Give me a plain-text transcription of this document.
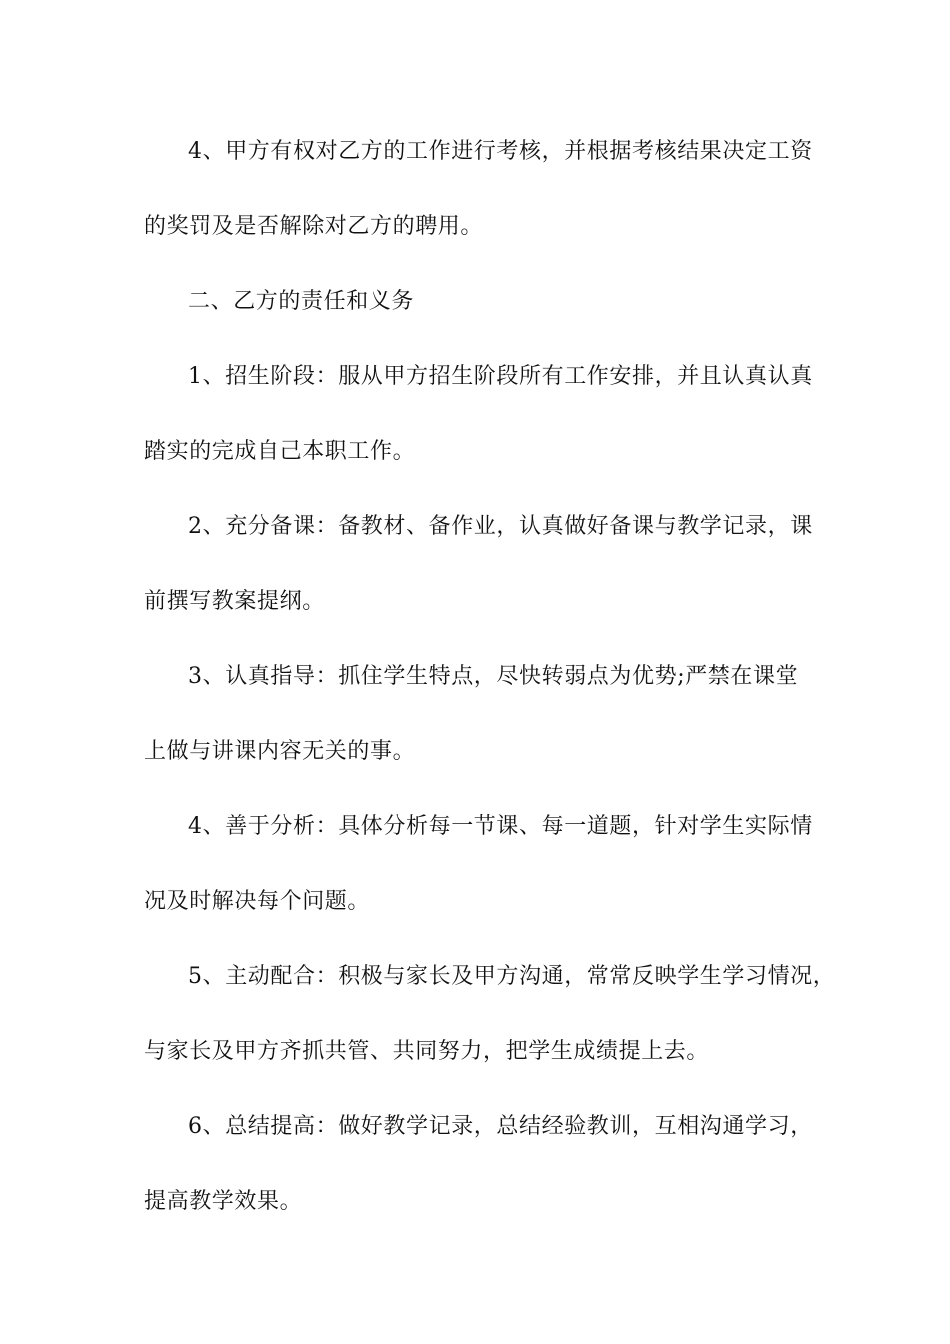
4、甲方有权对乙方的工作进行考核，并根据考核结果决定工资
的奖罚及是否解除对乙方的聘用。
二、乙方的责任和义务
1、招生阶段：服从甲方招生阶段所有工作安排，并且认真认真
踏实的完成自己本职工作。
2、充分备课：备教材、备作业，认真做好备课与教学记录，课
前撰写教案提纲。
3、认真指导：抓住学生特点，尽快转弱点为优势;严禁在课堂
上做与讲课内容无关的事。
4、善于分析：具体分析每一节课、每一道题，针对学生实际情
况及时解决每个问题。
5、主动配合：积极与家长及甲方沟通，常常反映学生学习情况，
与家长及甲方齐抓共管、共同努力，把学生成绩提上去。
6、总结提高：做好教学记录，总结经验教训，互相沟通学习，
提高教学效果。
